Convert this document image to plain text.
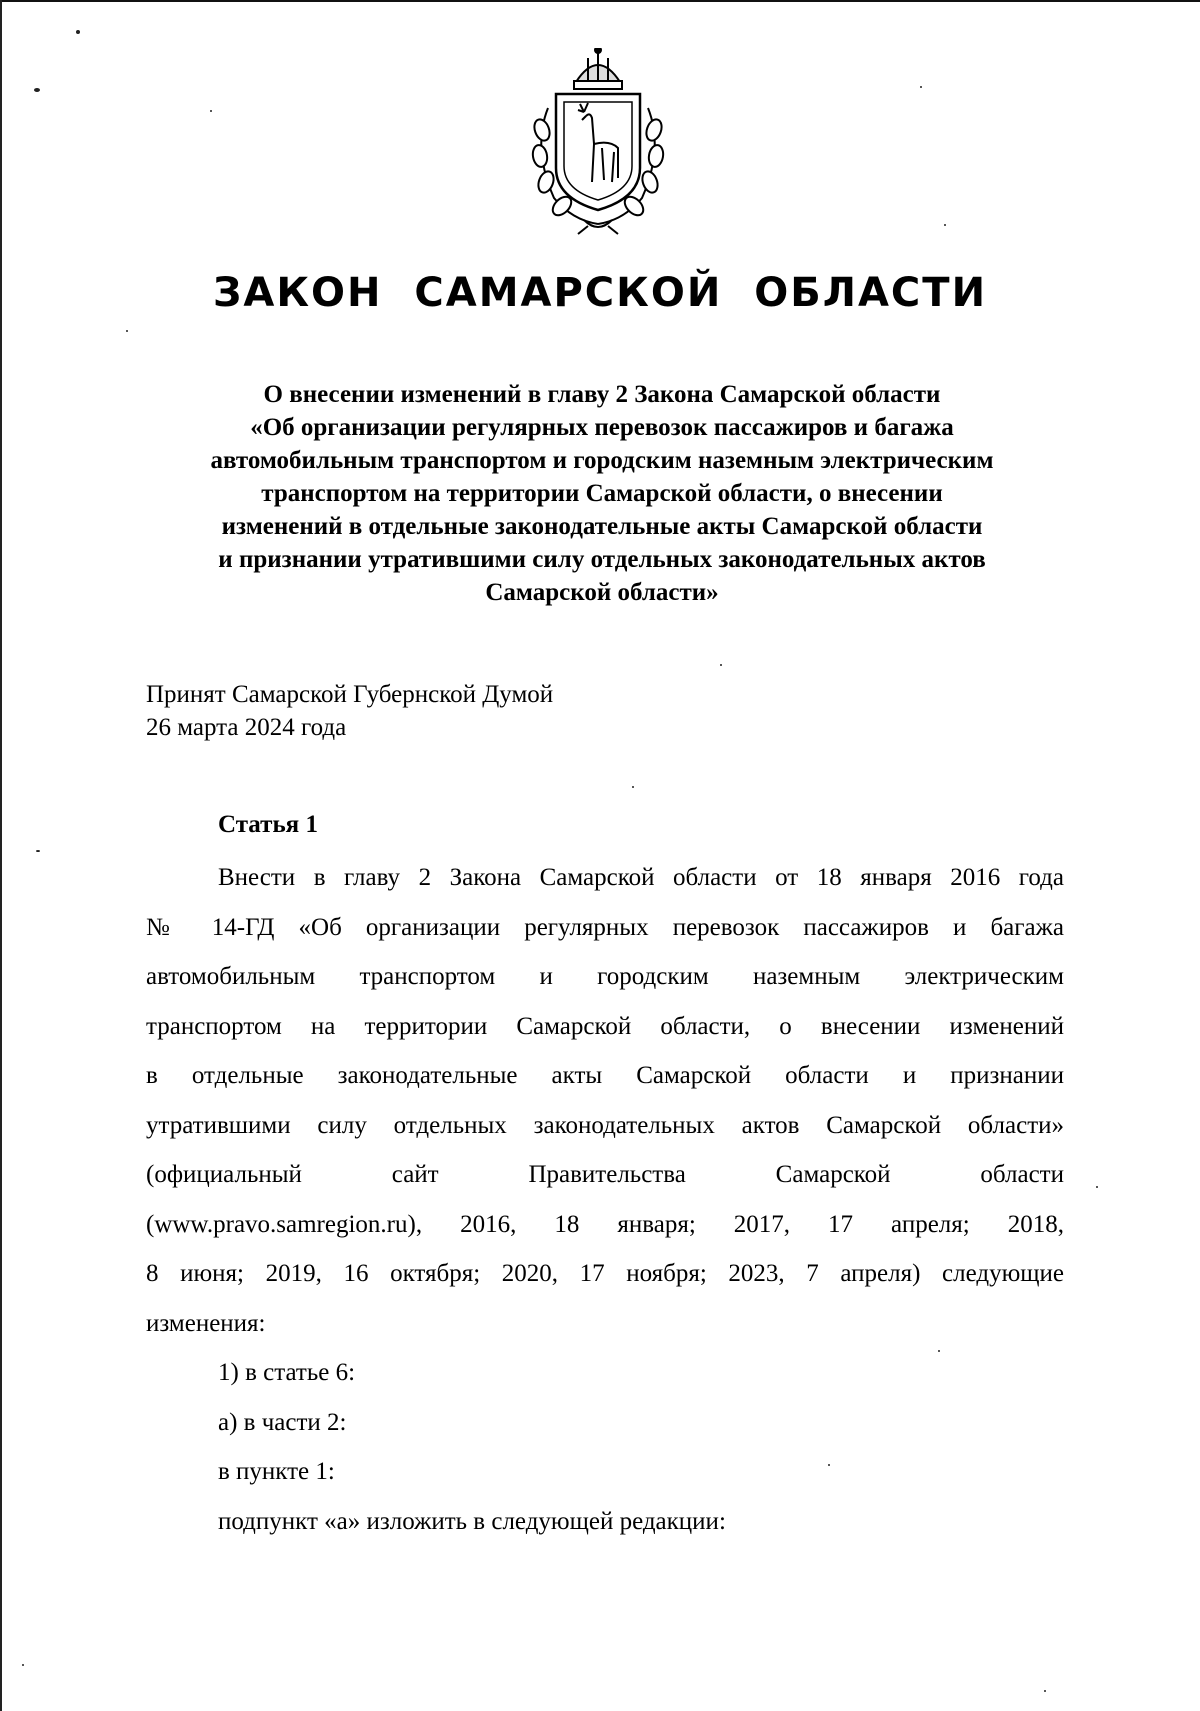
ЗАКОН САМАРСКОЙ ОБЛАСТИ
О внесении изменений в главу 2 Закона Самарской области
«Об организации регулярных перевозок пассажиров и багажа
автомобильным транспортом и городским наземным электрическим
транспортом на территории Самарской области, о внесении
изменений в отдельные законодательные акты Самарской области
и признании утратившими силу отдельных законодательных актов
Самарской области»
Принят Самарской Губернской Думой
26 марта 2024 года
Статья 1
Внести в главу 2 Закона Самарской области от 18 января 2016 года
№ 14-ГД «Об организации регулярных перевозок пассажиров и багажа
автомобильным транспортом и городским наземным электрическим
транспортом на территории Самарской области, о внесении изменений
в отдельные законодательные акты Самарской области и признании
утратившими силу отдельных законодательных актов Самарской области»
(официальный сайт Правительства Самарской области
(www.pravo.samregion.ru), 2016, 18 января; 2017, 17 апреля; 2018,
8 июня; 2019, 16 октября; 2020, 17 ноября; 2023, 7 апреля) следующие
изменения:
1) в статье 6:
а) в части 2:
в пункте 1:
подпункт «а» изложить в следующей редакции:
